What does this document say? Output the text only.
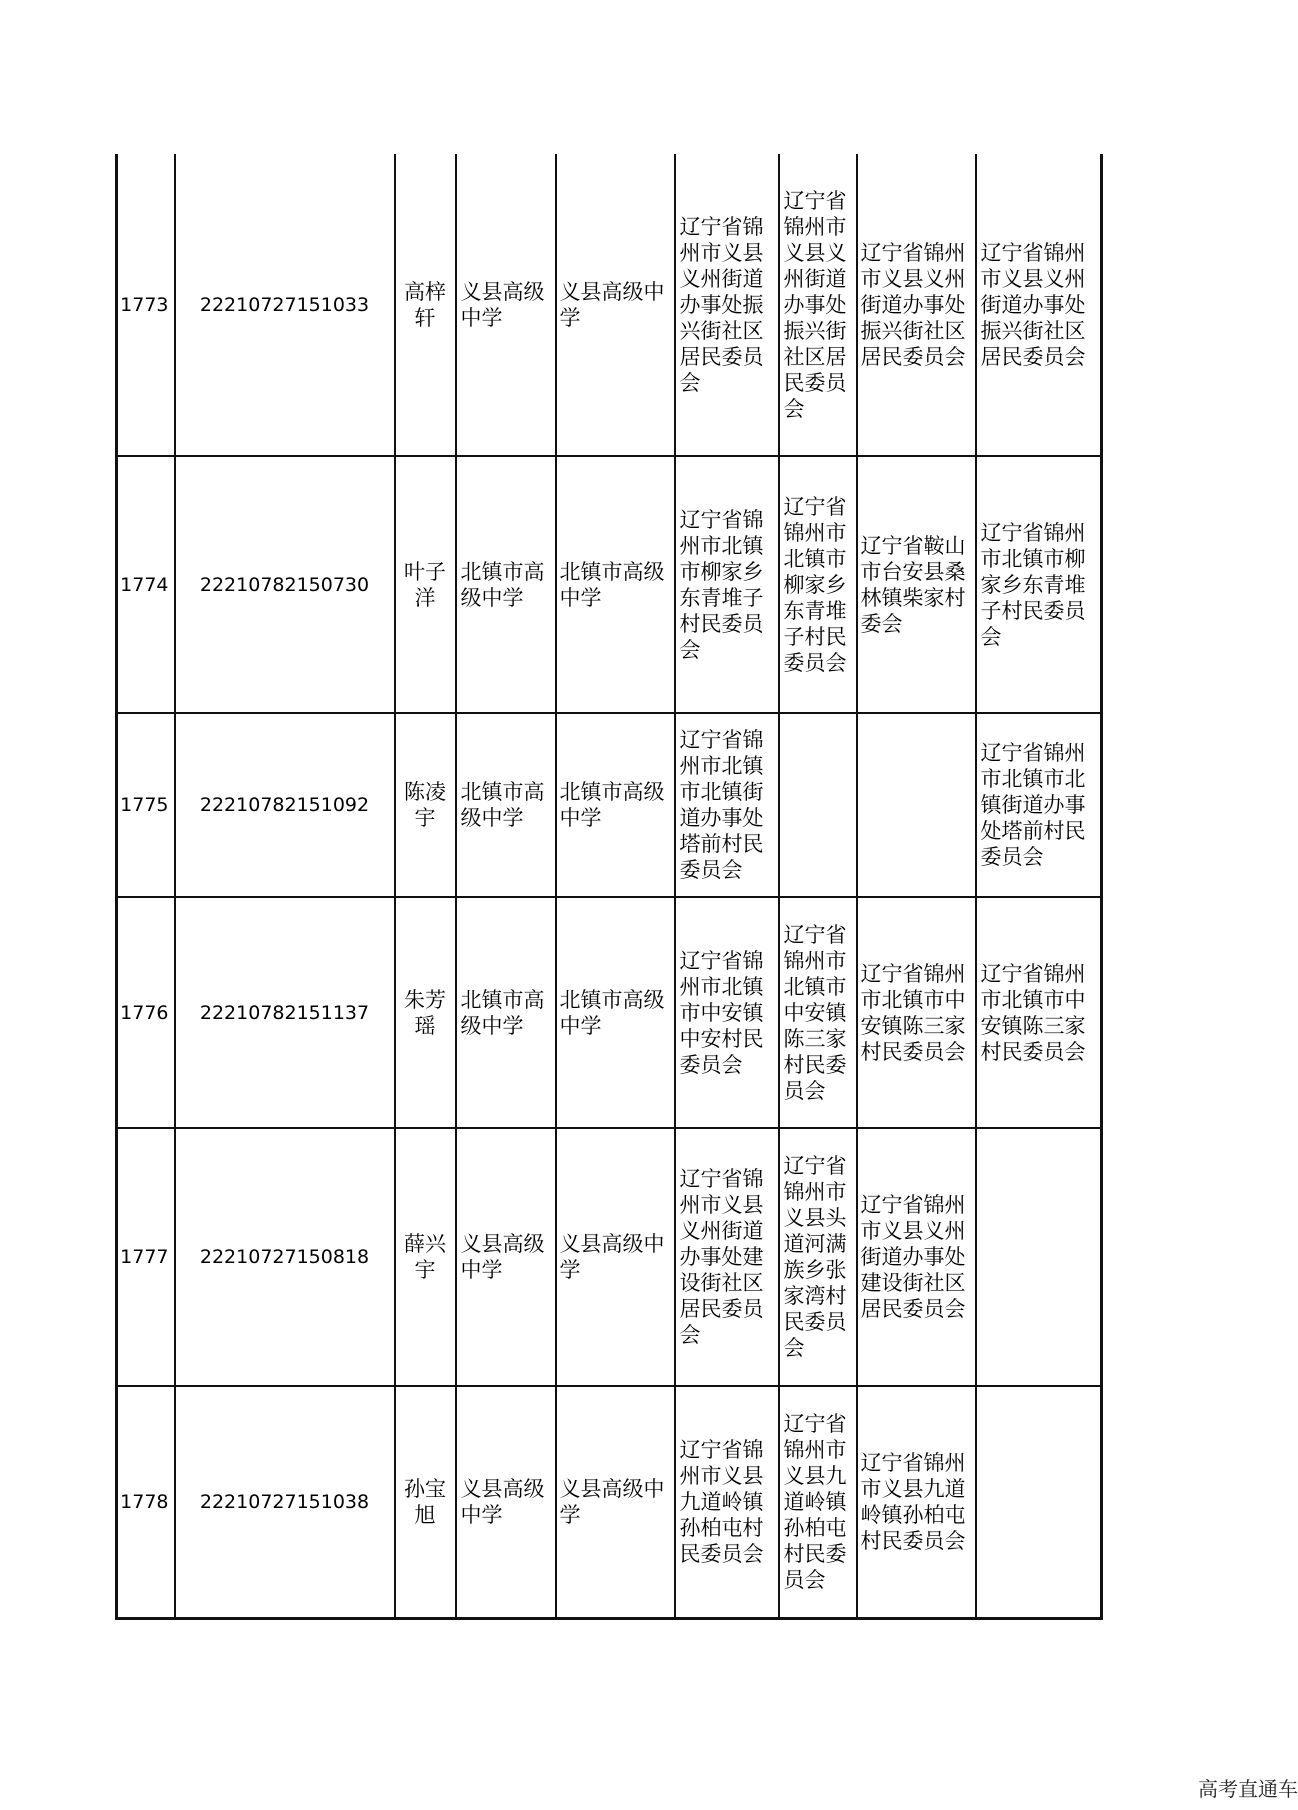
1773	22210727151033	高梓轩	义县高级中学	义县高级中学	辽宁省锦州市义县义州街道办事处振兴街社区居民委员会	辽宁省锦州市义县义州街道办事处振兴街社区居民委员会	辽宁省锦州市义县义州街道办事处振兴街社区居民委员会	辽宁省锦州市义县义州街道办事处振兴街社区居民委员会
1774	22210782150730	叶子洋	北镇市高级中学	北镇市高级中学	辽宁省锦州市北镇市柳家乡东青堆子村民委员会	辽宁省锦州市北镇市柳家乡东青堆子村民委员会	辽宁省鞍山市台安县桑林镇柴家村委会	辽宁省锦州市北镇市柳家乡东青堆子村民委员会
1775	22210782151092	陈凌宇	北镇市高级中学	北镇市高级中学	辽宁省锦州市北镇市北镇街道办事处塔前村民委员会			辽宁省锦州市北镇市北镇街道办事处塔前村民委员会
1776	22210782151137	朱芳瑶	北镇市高级中学	北镇市高级中学	辽宁省锦州市北镇市中安镇中安村民委员会	辽宁省锦州市北镇市中安镇陈三家村民委员会	辽宁省锦州市北镇市中安镇陈三家村民委员会	辽宁省锦州市北镇市中安镇陈三家村民委员会
1777	22210727150818	薛兴宇	义县高级中学	义县高级中学	辽宁省锦州市义县义州街道办事处建设街社区居民委员会	辽宁省锦州市义县头道河满族乡张家湾村民委员会	辽宁省锦州市义县义州街道办事处建设街社区居民委员会	
1778	22210727151038	孙宝旭	义县高级中学	义县高级中学	辽宁省锦州市义县九道岭镇孙柏屯村民委员会	辽宁省锦州市义县九道岭镇孙柏屯村民委员会	辽宁省锦州市义县九道岭镇孙柏屯村民委员会	
高考直通车
